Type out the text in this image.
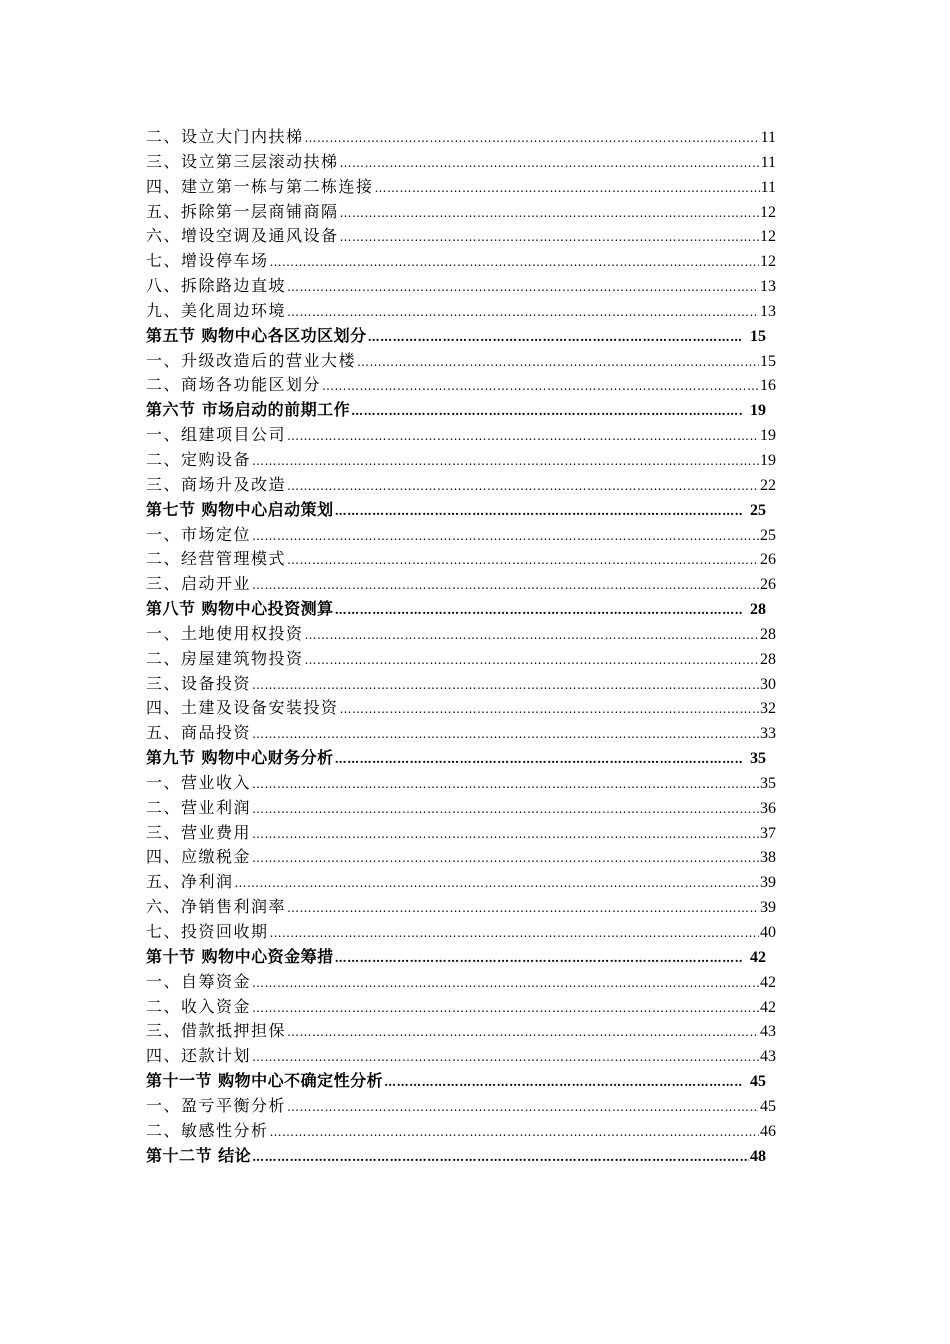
二、设立大门内扶梯 ……………………………………………………………………………………………………………………………………………………………………………………	11
三、设立第三层滚动扶梯 ……………………………………………………………………………………………………………………………………………………………………………………	11
四、建立第一栋与第二栋连接 ……………………………………………………………………………………………………………………………………………………………………………………	11
五、拆除第一层商铺商隔 ……………………………………………………………………………………………………………………………………………………………………………………	12
六、增设空调及通风设备 ……………………………………………………………………………………………………………………………………………………………………………………	12
七、增设停车场 ……………………………………………………………………………………………………………………………………………………………………………………	12
八、拆除路边直坡 ……………………………………………………………………………………………………………………………………………………………………………………	13
九、美化周边环境 ……………………………………………………………………………………………………………………………………………………………………………………	13
第五节 购物中心各区功区划分 ……………………………………………………………………………………………………………………………………………………………………………………	15
一、升级改造后的营业大楼 ……………………………………………………………………………………………………………………………………………………………………………………	15
二、商场各功能区划分 ……………………………………………………………………………………………………………………………………………………………………………………	16
第六节 市场启动的前期工作 ……………………………………………………………………………………………………………………………………………………………………………………	19
一、组建项目公司 ……………………………………………………………………………………………………………………………………………………………………………………	19
二、定购设备 ……………………………………………………………………………………………………………………………………………………………………………………	19
三、商场升及改造 ……………………………………………………………………………………………………………………………………………………………………………………	22
第七节 购物中心启动策划 ……………………………………………………………………………………………………………………………………………………………………………………	25
一、市场定位 ……………………………………………………………………………………………………………………………………………………………………………………	25
二、经营管理模式 ……………………………………………………………………………………………………………………………………………………………………………………	26
三、启动开业 ……………………………………………………………………………………………………………………………………………………………………………………	26
第八节 购物中心投资测算 ……………………………………………………………………………………………………………………………………………………………………………………	28
一、土地使用权投资 ……………………………………………………………………………………………………………………………………………………………………………………	28
二、房屋建筑物投资 ……………………………………………………………………………………………………………………………………………………………………………………	28
三、设备投资 ……………………………………………………………………………………………………………………………………………………………………………………	30
四、土建及设备安装投资 ……………………………………………………………………………………………………………………………………………………………………………………	32
五、商品投资 ……………………………………………………………………………………………………………………………………………………………………………………	33
第九节 购物中心财务分析 ……………………………………………………………………………………………………………………………………………………………………………………	35
一、营业收入 ……………………………………………………………………………………………………………………………………………………………………………………	35
二、营业利润 ……………………………………………………………………………………………………………………………………………………………………………………	36
三、营业费用 ……………………………………………………………………………………………………………………………………………………………………………………	37
四、应缴税金 ……………………………………………………………………………………………………………………………………………………………………………………	38
五、净利润 ……………………………………………………………………………………………………………………………………………………………………………………	39
六、净销售利润率 ……………………………………………………………………………………………………………………………………………………………………………………	39
七、投资回收期 ……………………………………………………………………………………………………………………………………………………………………………………	40
第十节 购物中心资金筹措 ……………………………………………………………………………………………………………………………………………………………………………………	42
一、自筹资金 ……………………………………………………………………………………………………………………………………………………………………………………	42
二、收入资金 ……………………………………………………………………………………………………………………………………………………………………………………	42
三、借款抵押担保 ……………………………………………………………………………………………………………………………………………………………………………………	43
四、还款计划 ……………………………………………………………………………………………………………………………………………………………………………………	43
第十一节 购物中心不确定性分析 ……………………………………………………………………………………………………………………………………………………………………………………	45
一、盈亏平衡分析 ……………………………………………………………………………………………………………………………………………………………………………………	45
二、敏感性分析 ……………………………………………………………………………………………………………………………………………………………………………………	46
第十二节 结论 ……………………………………………………………………………………………………………………………………………………………………………………	48
